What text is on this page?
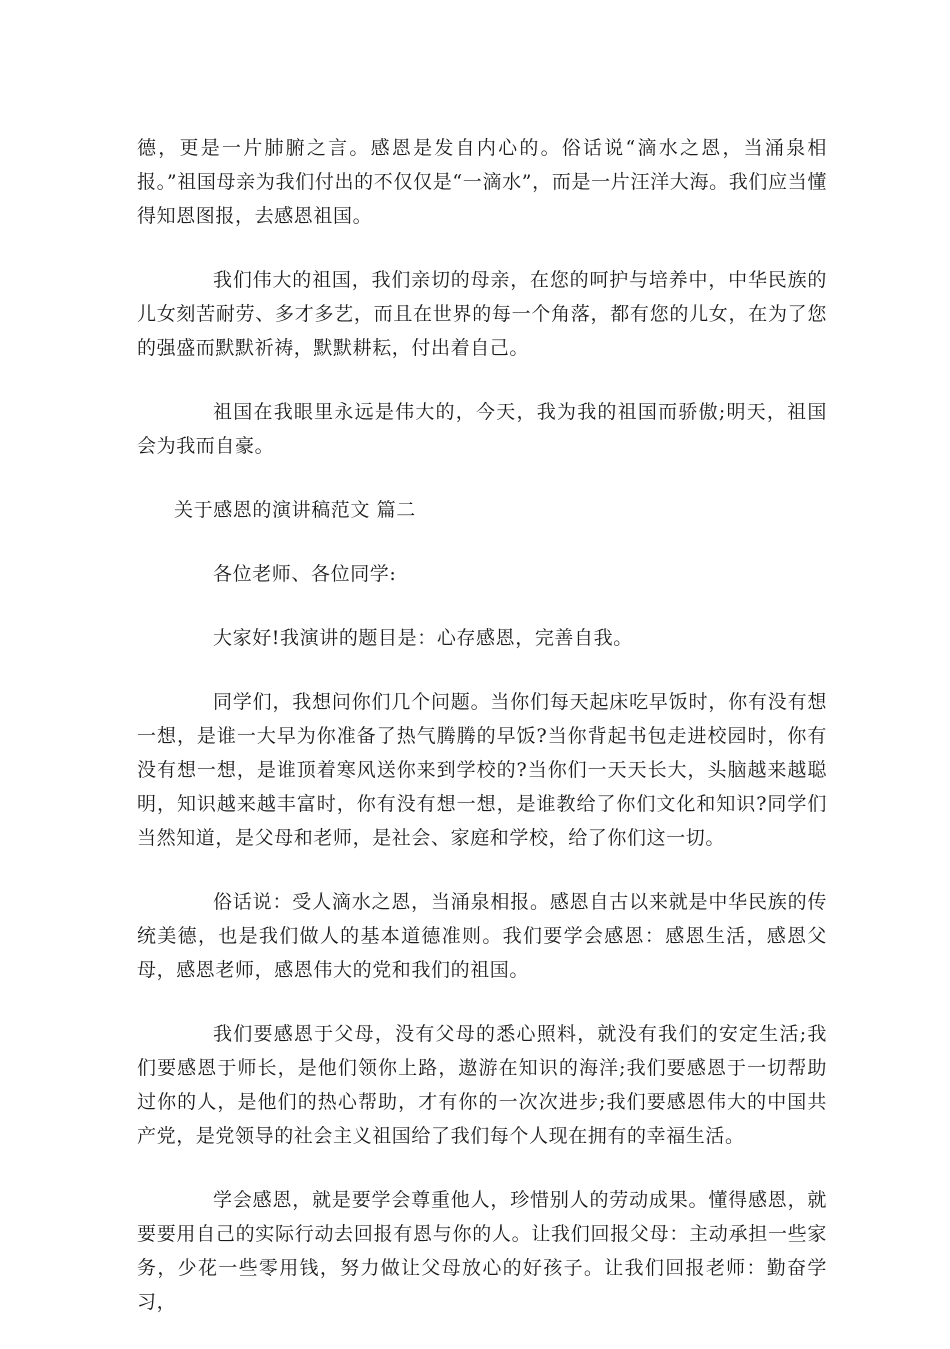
德，更是一片肺腑之言。感恩是发自内心的。俗话说“滴水之恩，当涌泉相报。”祖国母亲为我们付出的不仅仅是“一滴水”，而是一片汪洋大海。我们应当懂得知恩图报，去感恩祖国。

我们伟大的祖国，我们亲切的母亲，在您的呵护与培养中，中华民族的儿女刻苦耐劳、多才多艺，而且在世界的每一个角落，都有您的儿女，在为了您的强盛而默默祈祷，默默耕耘，付出着自己。

祖国在我眼里永远是伟大的，今天，我为我的祖国而骄傲;明天，祖国会为我而自豪。

关于感恩的演讲稿范文 篇二

各位老师、各位同学:

大家好!我演讲的题目是：心存感恩，完善自我。

同学们，我想问你们几个问题。当你们每天起床吃早饭时，你有没有想一想，是谁一大早为你准备了热气腾腾的早饭?当你背起书包走进校园时，你有没有想一想，是谁顶着寒风送你来到学校的?当你们一天天长大，头脑越来越聪明，知识越来越丰富时，你有没有想一想，是谁教给了你们文化和知识?同学们当然知道，是父母和老师，是社会、家庭和学校，给了你们这一切。

俗话说：受人滴水之恩，当涌泉相报。感恩自古以来就是中华民族的传统美德，也是我们做人的基本道德准则。我们要学会感恩：感恩生活，感恩父母，感恩老师，感恩伟大的党和我们的祖国。

我们要感恩于父母，没有父母的悉心照料，就没有我们的安定生活;我们要感恩于师长，是他们领你上路，遨游在知识的海洋;我们要感恩于一切帮助过你的人，是他们的热心帮助，才有你的一次次进步;我们要感恩伟大的中国共产党，是党领导的社会主义祖国给了我们每个人现在拥有的幸福生活。

学会感恩，就是要学会尊重他人，珍惜别人的劳动成果。懂得感恩，就要要用自己的实际行动去回报有恩与你的人。让我们回报父母：主动承担一些家务，少花一些零用钱，努力做让父母放心的好孩子。让我们回报老师：勤奋学习，
